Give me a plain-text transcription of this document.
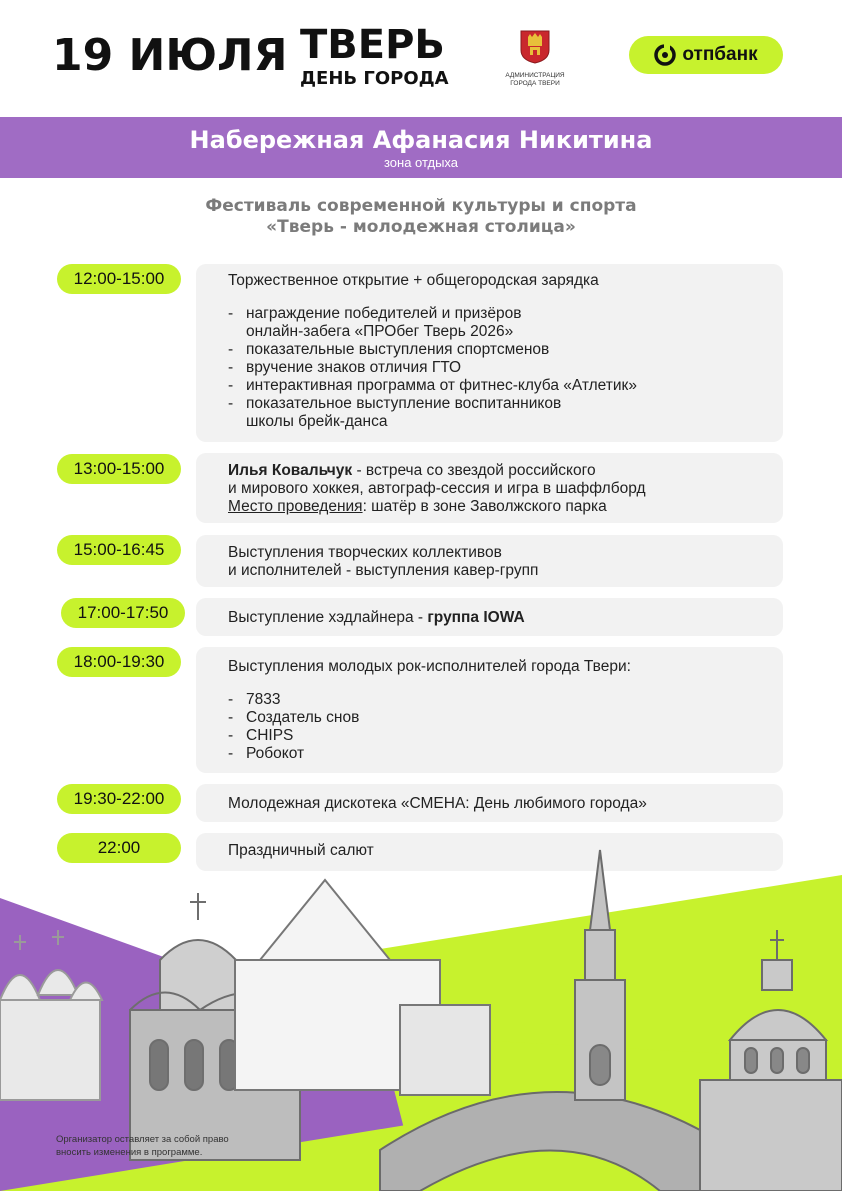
19 ИЮЛЯ ТВЕРЬ
ДЕНЬ ГОРОДА	АДМИНИСТРАЦИЯ
ГОРОДА ТВЕРИ
отпбанк
Набережная Афанасия Никитина
зона отдыха
Фестиваль современной культуры и спорта
«Тверь - молодежная столица»
12:00-15:00	Торжественное открытие + общегородская зарядка
- награждение победителей и призёров
онлайн-забега «ПРОбег Тверь 2026»
- показательные выступления спортсменов
- вручение знаков отличия ГТО
- интерактивная программа от фитнес-клуба «Атлетик»
- показательное выступление воспитанников
школы брейк-данса
13:00-15:00	Илья Ковальчук - встреча со звездой российского
и мирового хоккея, автограф-сессия и игра в шаффлборд
Место проведения: шатёр в зоне Заволжского парка
15:00-16:45	Выступления творческих коллективов
и исполнителей - выступления кавер-групп
17:00-17:50	Выступление хэдлайнера - группа IOWA
18:00-19:30	Выступления молодых рок-исполнителей города Твери:
- 7833
- Создатель снов
- CHIPS
- Робокот
19:30-22:00	Молодежная дискотека «СМЕНА: День любимого города»
22:00	Праздничный салют
Организатор оставляет за собой право
вносить изменения в программе.
